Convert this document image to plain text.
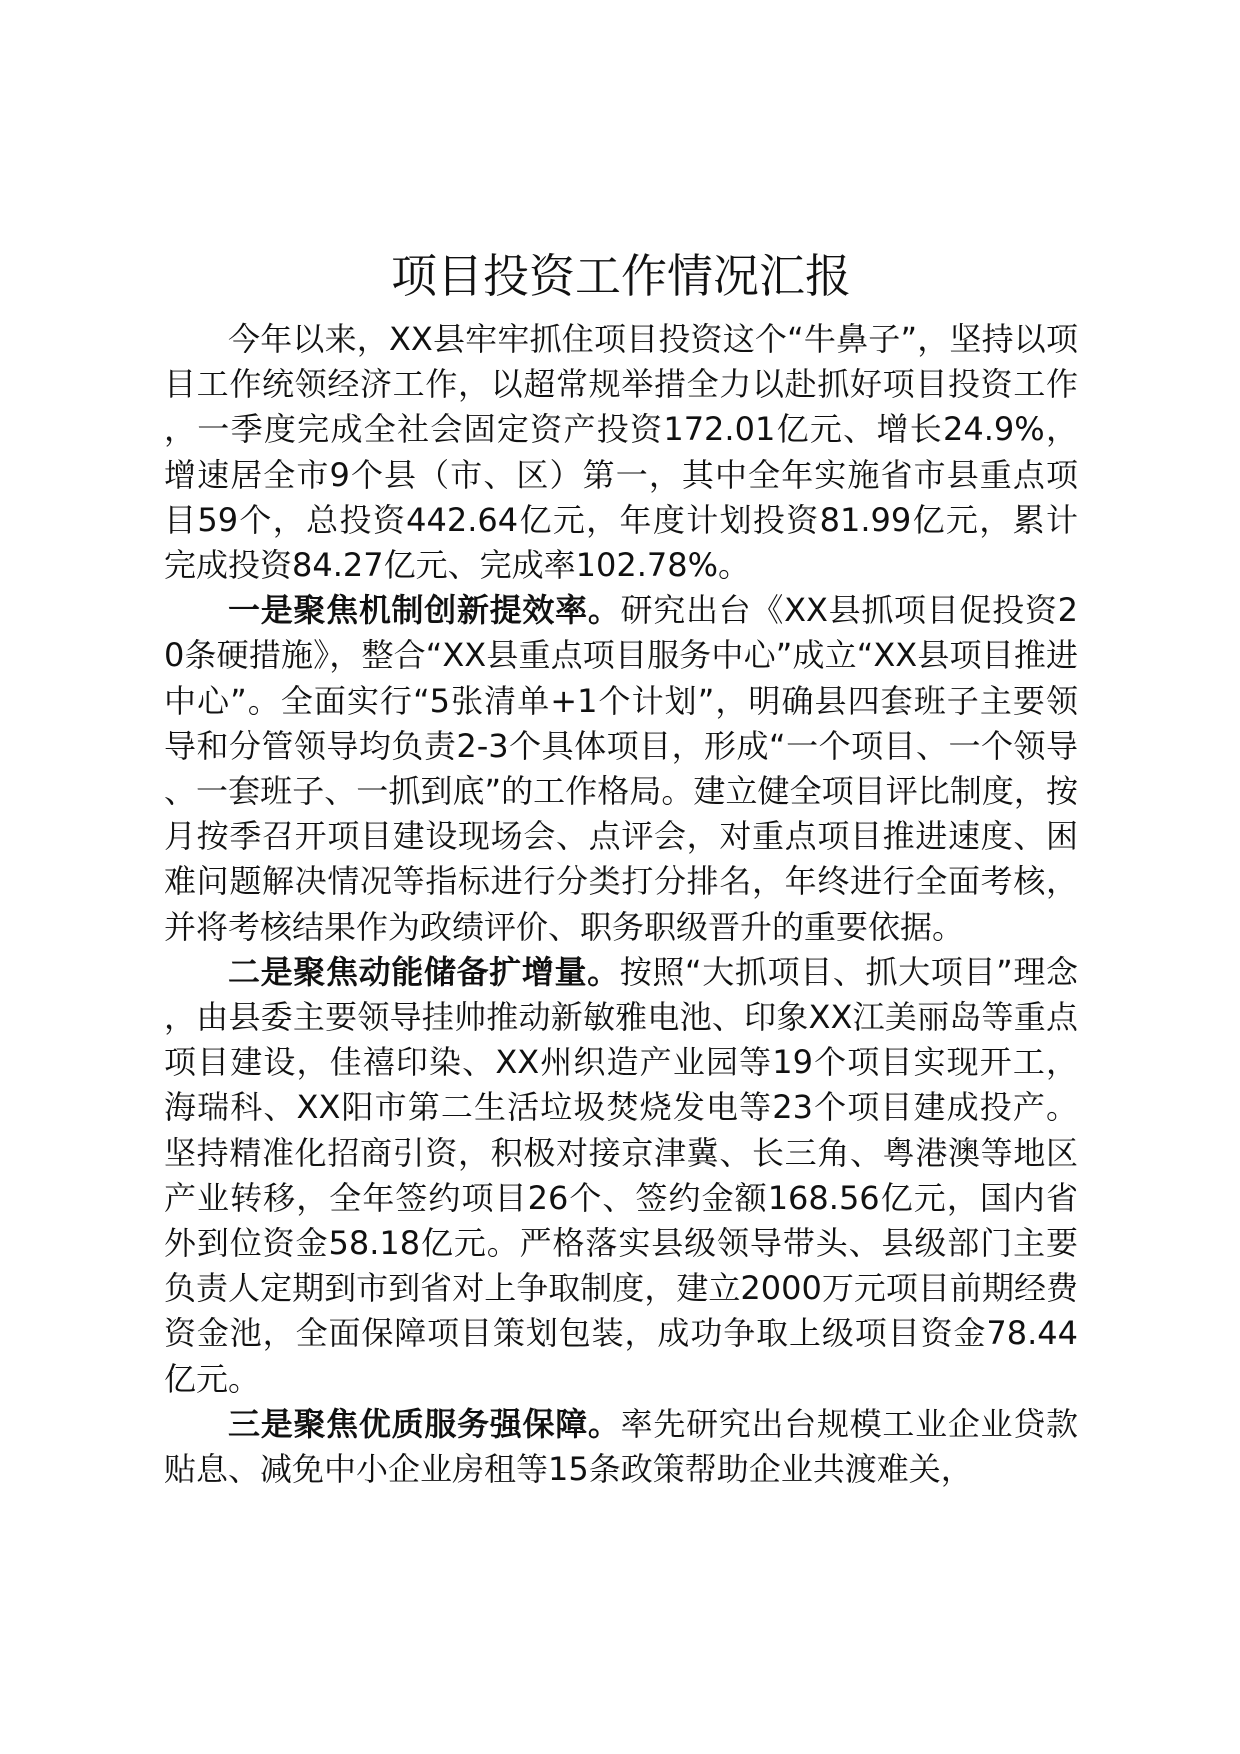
项目投资工作情况汇报

今年以来，XX县牢牢抓住项目投资这个“牛鼻子”，坚持以项目工作统领经济工作，以超常规举措全力以赴抓好项目投资工作，一季度完成全社会固定资产投资172.01亿元、增长24.9%，增速居全市9个县（市、区）第一，其中全年实施省市县重点项目59个，总投资442.64亿元，年度计划投资81.99亿元，累计完成投资84.27亿元、完成率102.78%。

一是聚焦机制创新提效率。研究出台《XX县抓项目促投资20条硬措施》，整合“XX县重点项目服务中心”成立“XX县项目推进中心”。全面实行“5张清单+1个计划”，明确县四套班子主要领导和分管领导均负责2-3个具体项目，形成“一个项目、一个领导、一套班子、一抓到底”的工作格局。建立健全项目评比制度，按月按季召开项目建设现场会、点评会，对重点项目推进速度、困难问题解决情况等指标进行分类打分排名，年终进行全面考核，并将考核结果作为政绩评价、职务职级晋升的重要依据。

二是聚焦动能储备扩增量。按照“大抓项目、抓大项目”理念，由县委主要领导挂帅推动新敏雅电池、印象XX江美丽岛等重点项目建设，佳禧印染、XX州织造产业园等19个项目实现开工，海瑞科、XX阳市第二生活垃圾焚烧发电等23个项目建成投产。坚持精准化招商引资，积极对接京津冀、长三角、粤港澳等地区产业转移，全年签约项目26个、签约金额168.56亿元，国内省外到位资金58.18亿元。严格落实县级领导带头、县级部门主要负责人定期到市到省对上争取制度，建立2000万元项目前期经费资金池，全面保障项目策划包装，成功争取上级项目资金78.44亿元。

三是聚焦优质服务强保障。率先研究出台规模工业企业贷款贴息、减免中小企业房租等15条政策帮助企业共渡难关，
